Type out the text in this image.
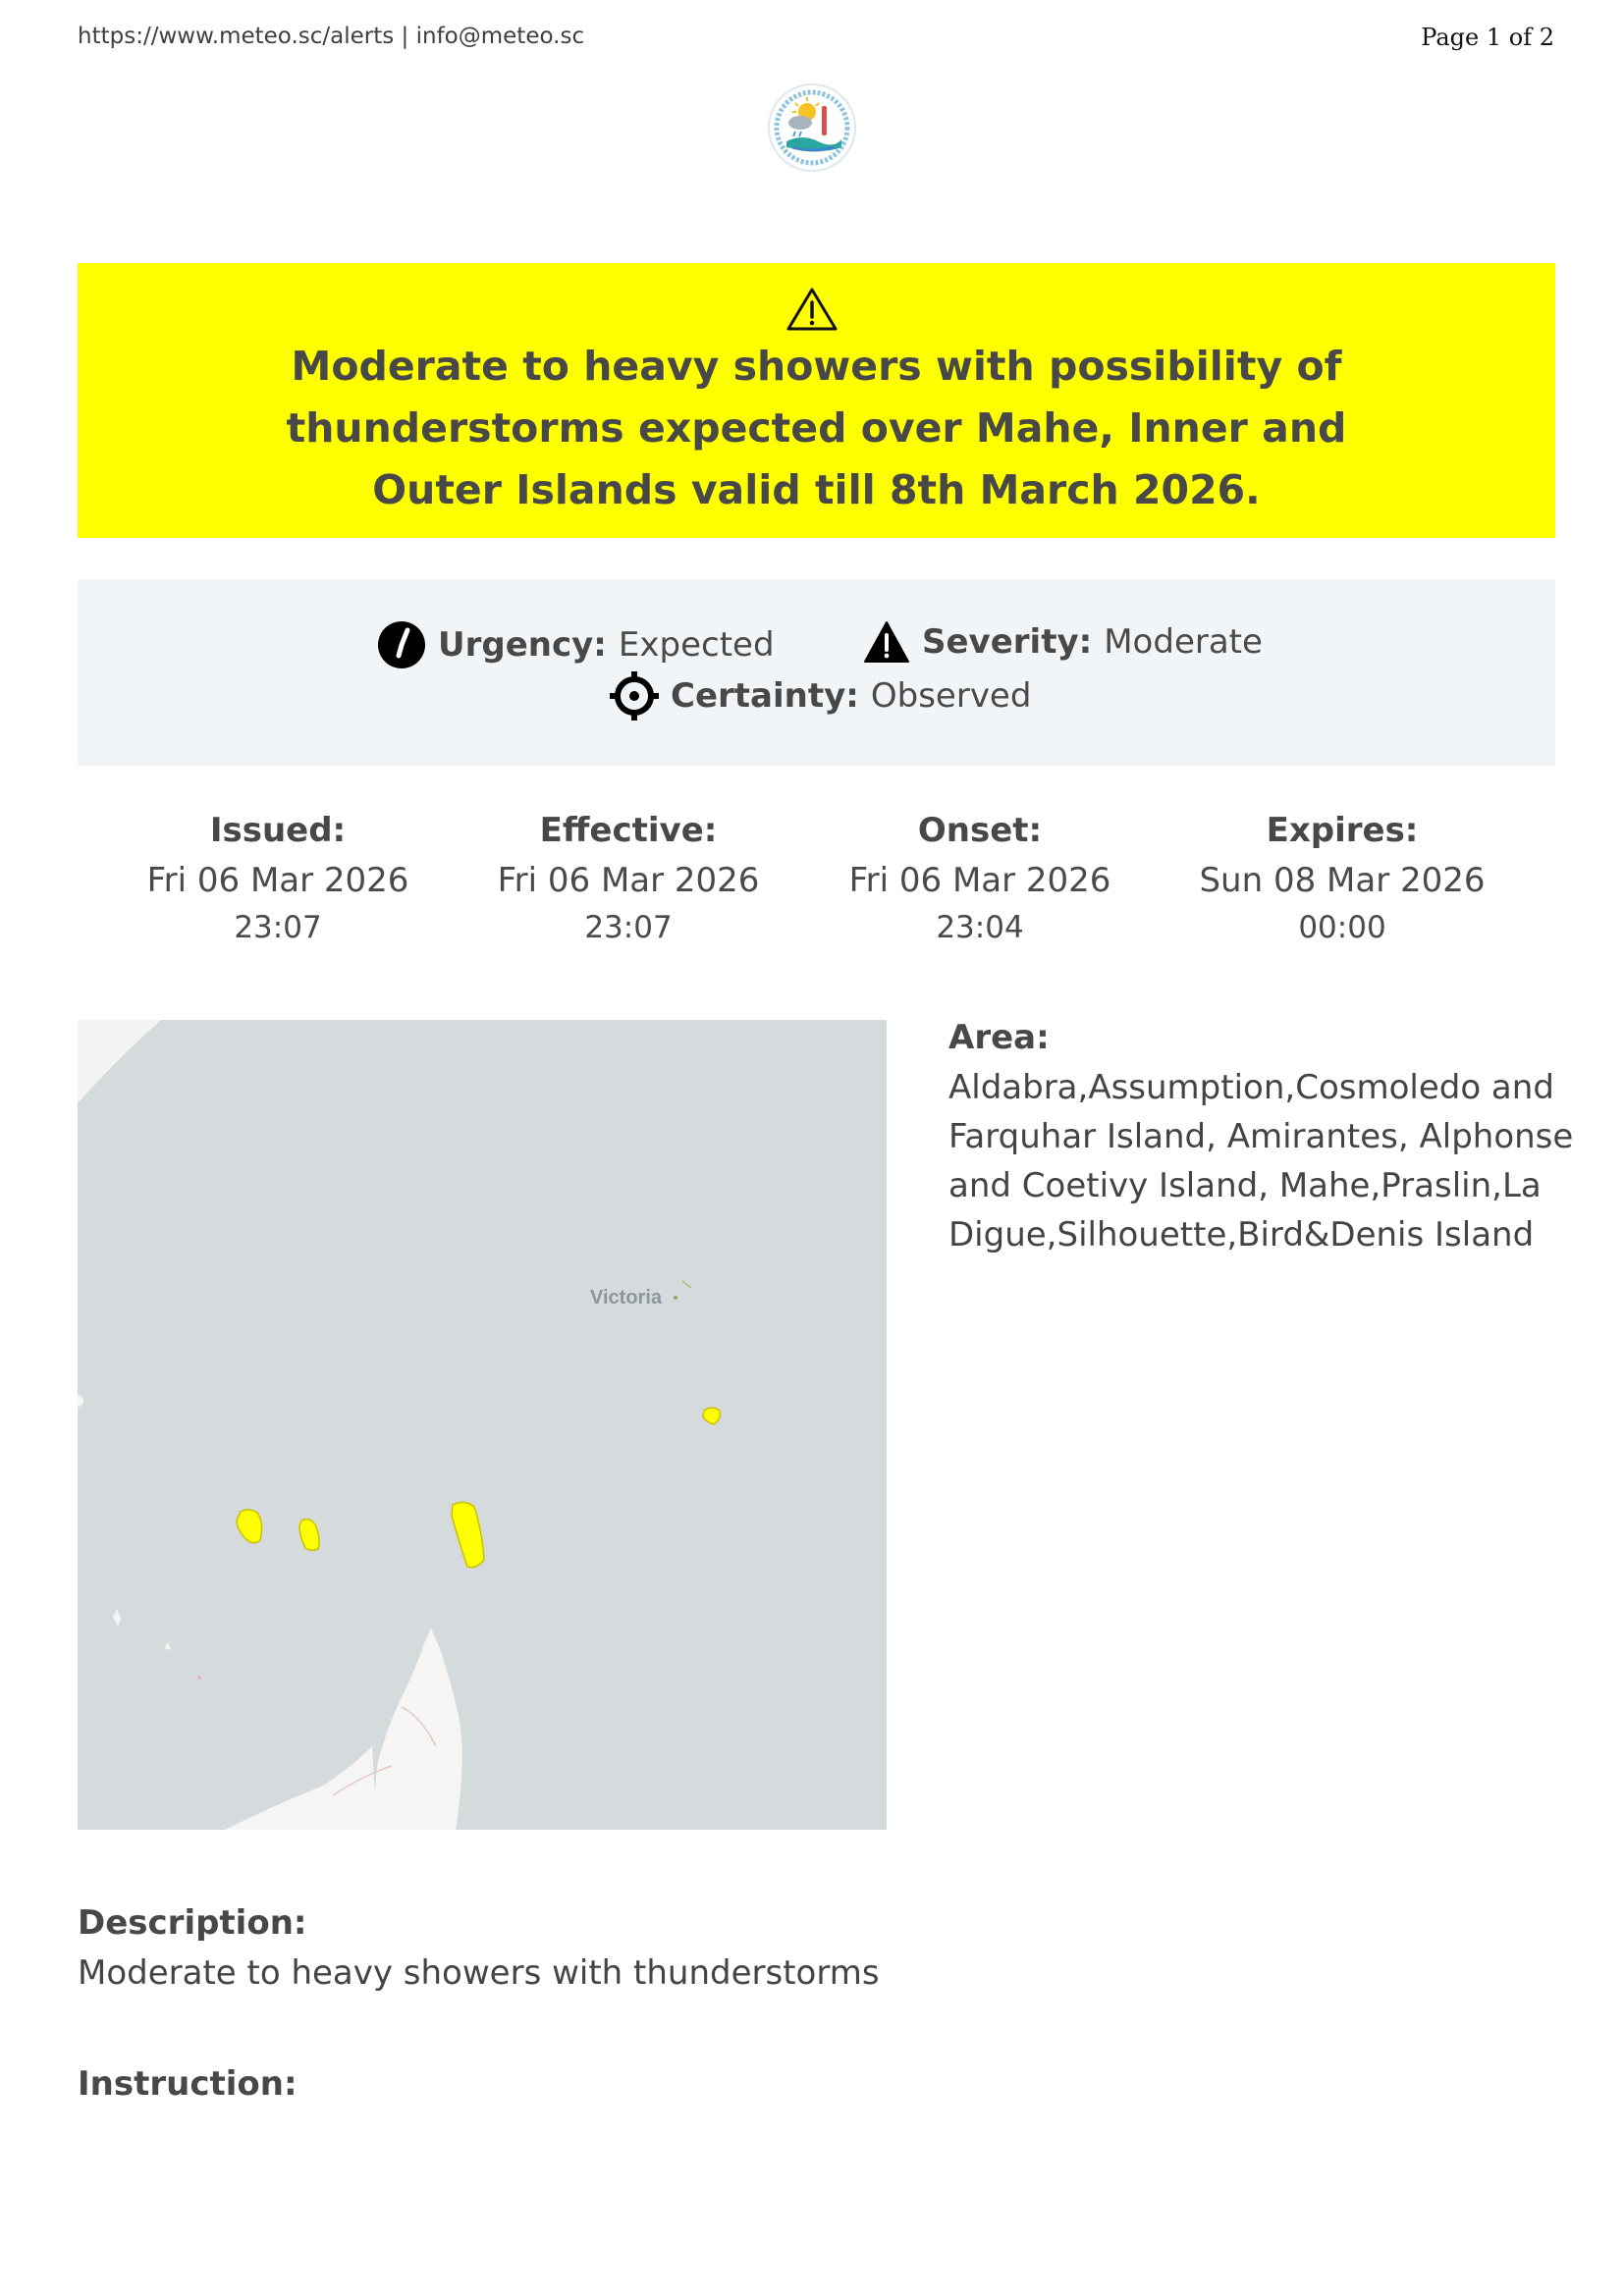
https://www.meteo.sc/alerts | info@meteo.sc	Page 1 of 2
Moderate to heavy showers with possibility of thunderstorms expected over Mahe, Inner and Outer Islands valid till 8th March 2026.
Urgency: Expected	Severity: Moderate
Certainty: Observed
Issued:
Fri 06 Mar 2026
23:07
Effective:
Fri 06 Mar 2026
23:07
Onset:
Fri 06 Mar 2026
23:04
Expires:
Sun 08 Mar 2026
00:00
Victoria
Area:
Aldabra,Assumption,Cosmoledo and Farquhar Island, Amirantes, Alphonse and Coetivy Island, Mahe,Praslin,La Digue,Silhouette,Bird&Denis Island
Description:
Moderate to heavy showers with thunderstorms
Instruction:
